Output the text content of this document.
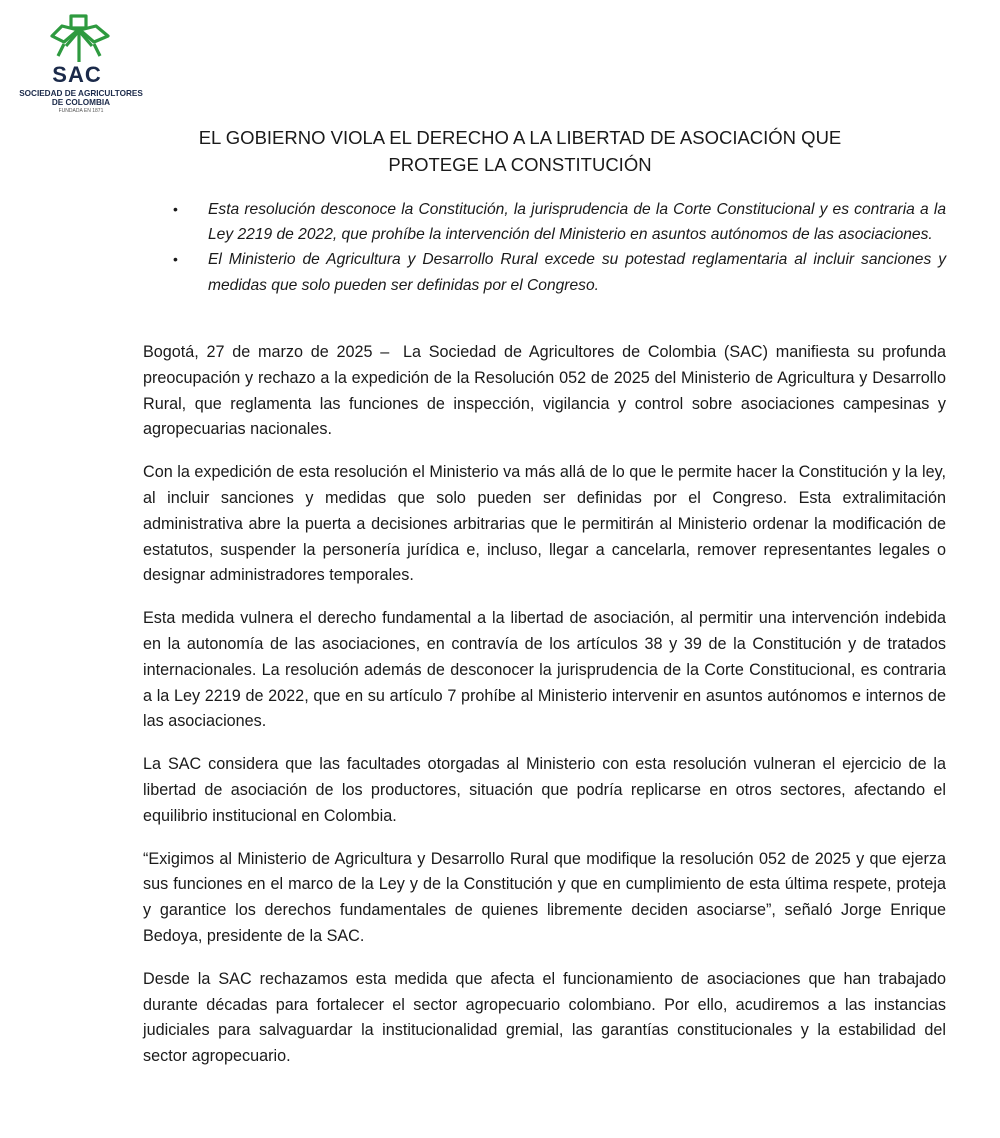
SAC
SOCIEDAD DE AGRICULTORES
DE COLOMBIA
FUNDADA EN 1871
EL GOBIERNO VIOLA EL DERECHO A LA LIBERTAD DE ASOCIACIÓN QUE PROTEGE LA CONSTITUCIÓN
• Esta resolución desconoce la Constitución, la jurisprudencia de la Corte Constitucional y es contraria a la Ley 2219 de 2022, que prohíbe la intervención del Ministerio en asuntos autónomos de las asociaciones.
• El Ministerio de Agricultura y Desarrollo Rural excede su potestad reglamentaria al incluir sanciones y medidas que solo pueden ser definidas por el Congreso.

Bogotá, 27 de marzo de 2025 – La Sociedad de Agricultores de Colombia (SAC) manifiesta su profunda preocupación y rechazo a la expedición de la Resolución 052 de 2025 del Ministerio de Agricultura y Desarrollo Rural, que reglamenta las funciones de inspección, vigilancia y control sobre asociaciones campesinas y agropecuarias nacionales.

Con la expedición de esta resolución el Ministerio va más allá de lo que le permite hacer la Constitución y la ley, al incluir sanciones y medidas que solo pueden ser definidas por el Congreso. Esta extralimitación administrativa abre la puerta a decisiones arbitrarias que le permitirán al Ministerio ordenar la modificación de estatutos, suspender la personería jurídica e, incluso, llegar a cancelarla, remover representantes legales o designar administradores temporales.

Esta medida vulnera el derecho fundamental a la libertad de asociación, al permitir una intervención indebida en la autonomía de las asociaciones, en contravía de los artículos 38 y 39 de la Constitución y de tratados internacionales. La resolución además de desconocer la jurisprudencia de la Corte Constitucional, es contraria a la Ley 2219 de 2022, que en su artículo 7 prohíbe al Ministerio intervenir en asuntos autónomos e internos de las asociaciones.

La SAC considera que las facultades otorgadas al Ministerio con esta resolución vulneran el ejercicio de la libertad de asociación de los productores, situación que podría replicarse en otros sectores, afectando el equilibrio institucional en Colombia.

“Exigimos al Ministerio de Agricultura y Desarrollo Rural que modifique la resolución 052 de 2025 y que ejerza sus funciones en el marco de la Ley y de la Constitución y que en cumplimiento de esta última respete, proteja y garantice los derechos fundamentales de quienes libremente deciden asociarse”, señaló Jorge Enrique Bedoya, presidente de la SAC.

Desde la SAC rechazamos esta medida que afecta el funcionamiento de asociaciones que han trabajado durante décadas para fortalecer el sector agropecuario colombiano. Por ello, acudiremos a las instancias judiciales para salvaguardar la institucionalidad gremial, las garantías constitucionales y la estabilidad del sector agropecuario.
